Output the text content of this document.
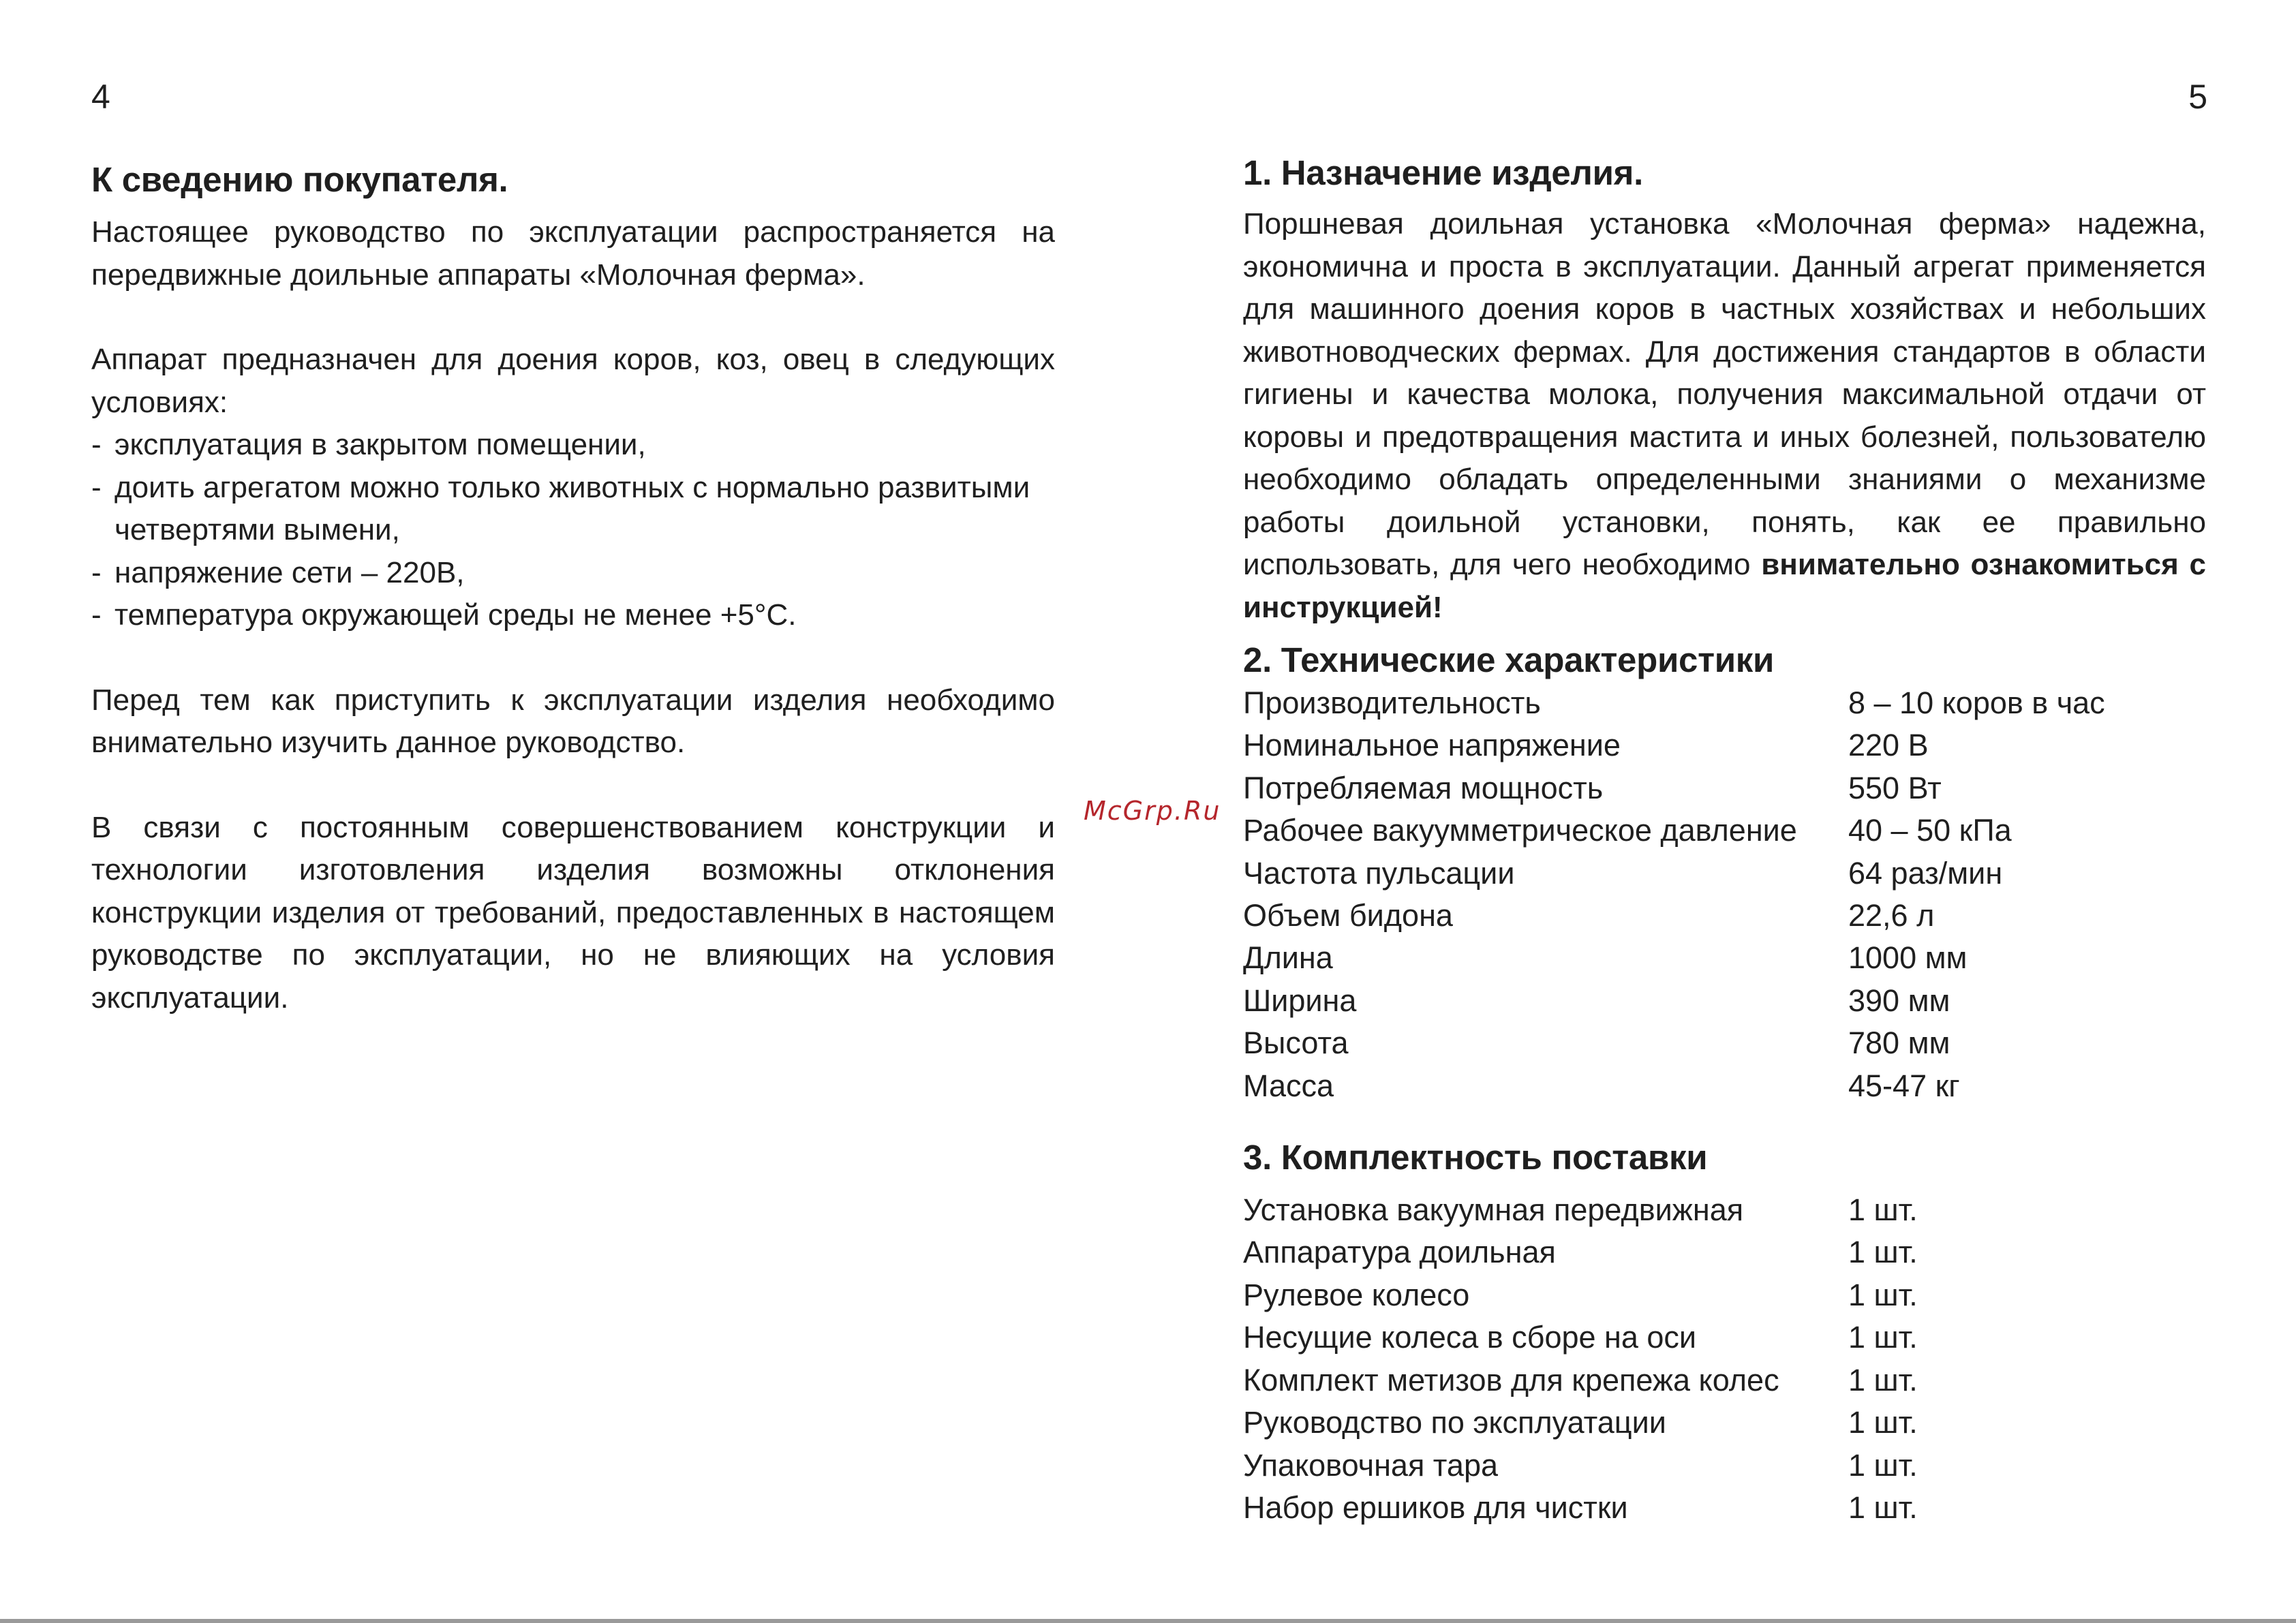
4	5
К сведению покупателя.

Настоящее руководство по эксплуатации распространяется на передвижные доильные аппараты «Молочная ферма».

Аппарат предназначен для доения коров, коз, овец в следующих условиях:

- эксплуатация в закрытом помещении,
- доить агрегатом можно только животных с нормально развитыми четвертями вымени,
- напряжение сети – 220В,
- температура окружающей среды не менее +5°С.

Перед тем как приступить к эксплуатации изделия необходимо внимательно изучить данное руководство.

В связи с постоянным совершенствованием конструкции и технологии изготовления изделия возможны отклонения конструкции изделия от требований, предоставленных в настоящем руководстве по эксплуатации, но не влияющих на условия эксплуатации.

McGrp.Ru
1. Назначение изделия.

Поршневая доильная установка «Молочная ферма» надежна, экономична и проста в эксплуатации. Данный агрегат применяется для машинного доения коров в частных хозяйствах и небольших животноводческих фермах. Для достижения стандартов в области гигиены и качества молока, получения максимальной отдачи от коровы и предотвращения мастита и иных болезней, пользователю необходимо обладать определенными знаниями о механизме работы доильной установки, понять, как ее правильно использовать, для чего необходимо внимательно ознакомиться с инструкцией!

2. Технические характеристики
Производительность	8 – 10 коров в час
Номинальное напряжение	220 В
Потребляемая мощность	550 Вт
Рабочее вакуумметрическое давление	40 – 50 кПа
Частота пульсации	64 раз/мин
Объем бидона	22,6 л
Длина	1000 мм
Ширина	390 мм
Высота	780 мм
Масса	45-47 кг
3. Комплектность поставки
Установка вакуумная передвижная	1 шт.
Аппаратура доильная	1 шт.
Рулевое колесо	1 шт.
Несущие колеса в сборе на оси	1 шт.
Комплект метизов для крепежа колес	1 шт.
Руководство по эксплуатации	1 шт.
Упаковочная тара	1 шт.
Набор ершиков для чистки	1 шт.
